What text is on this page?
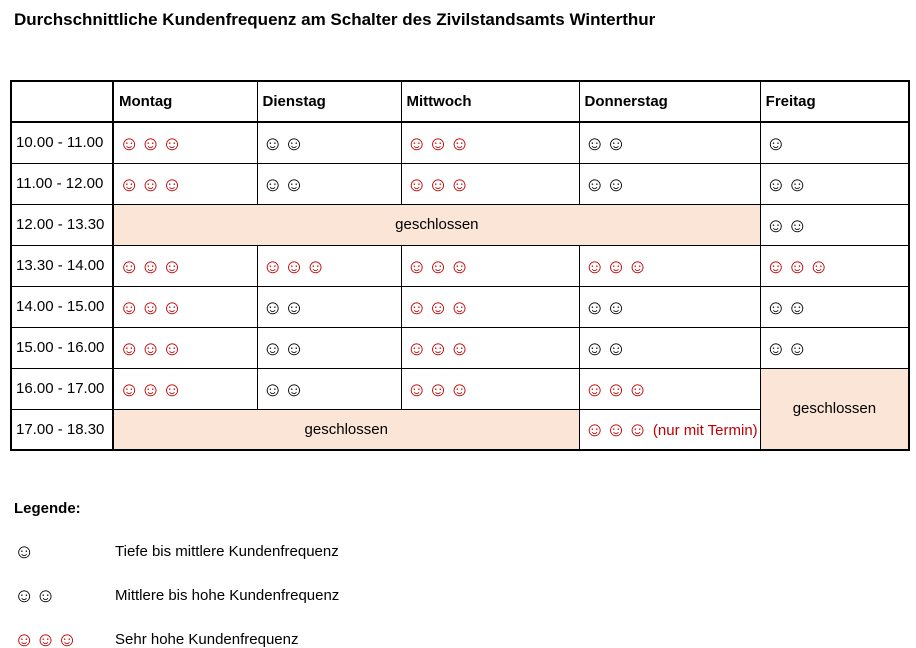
Durchschnittliche Kundenfrequenz am Schalter des Zivilstandsamts Winterthur
	Montag	Dienstag	Mittwoch	Donnerstag	Freitag
10.00 - 11.00	☺☺☺	☺☺	☺☺☺	☺☺	☺
11.00 - 12.00	☺☺☺	☺☺	☺☺☺	☺☺	☺☺
12.00 - 13.30	geschlossen				☺☺
13.30 - 14.00	☺☺☺	☺☺☺	☺☺☺	☺☺☺	☺☺☺
14.00 - 15.00	☺☺☺	☺☺	☺☺☺	☺☺	☺☺
15.00 - 16.00	☺☺☺	☺☺	☺☺☺	☺☺	☺☺
16.00 - 17.00	☺☺☺	☺☺	☺☺☺	☺☺☺	geschlossen
17.00 - 18.30	geschlossen			☺☺☺ (nur mit Termin)	
Legende:
☺	Tiefe bis mittlere Kundenfrequenz
☺☺	Mittlere bis hohe Kundenfrequenz
☺☺☺	Sehr hohe Kundenfrequenz
